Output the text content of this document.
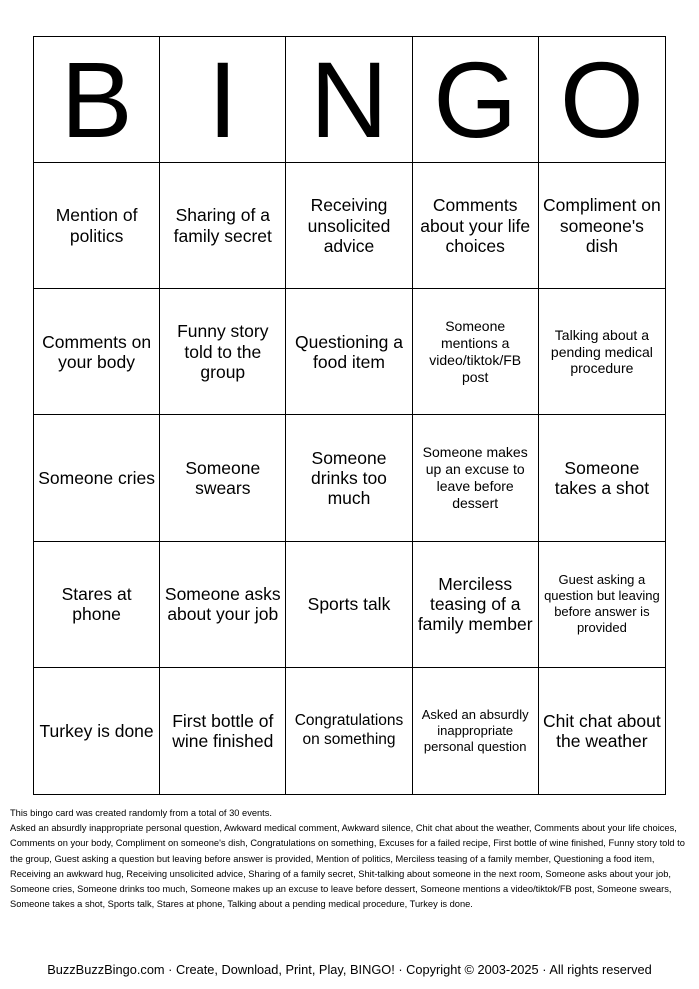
B I N G O
Mention of politics
Sharing of a family secret
Receiving unsolicited advice
Comments about your life choices
Compliment on someone's dish
Comments on your body
Funny story told to the group
Questioning a food item
Someone mentions a video/tiktok/FB post
Talking about a pending medical procedure
Someone cries
Someone swears
Someone drinks too much
Someone makes up an excuse to leave before dessert
Someone takes a shot
Stares at phone
Someone asks about your job
Sports talk
Merciless teasing of a family member
Guest asking a question but leaving before answer is provided
Turkey is done
First bottle of wine finished
Congratulations on something
Asked an absurdly inappropriate personal question
Chit chat about the weather

This bingo card was created randomly from a total of 30 events.

Asked an absurdly inappropriate personal question, Awkward medical comment, Awkward silence, Chit chat about the weather, Comments about your life choices, Comments on your body, Compliment on someone's dish, Congratulations on something, Excuses for a failed recipe, First bottle of wine finished, Funny story told to the group, Guest asking a question but leaving before answer is provided, Mention of politics, Merciless teasing of a family member, Questioning a food item, Receiving an awkward hug, Receiving unsolicited advice, Sharing of a family secret, Shit-talking about someone in the next room, Someone asks about your job, Someone cries, Someone drinks too much, Someone makes up an excuse to leave before dessert, Someone mentions a video/tiktok/FB post, Someone swears, Someone takes a shot, Sports talk, Stares at phone, Talking about a pending medical procedure, Turkey is done.

BuzzBuzzBingo.com · Create, Download, Print, Play, BINGO! · Copyright © 2003-2025 · All rights reserved
